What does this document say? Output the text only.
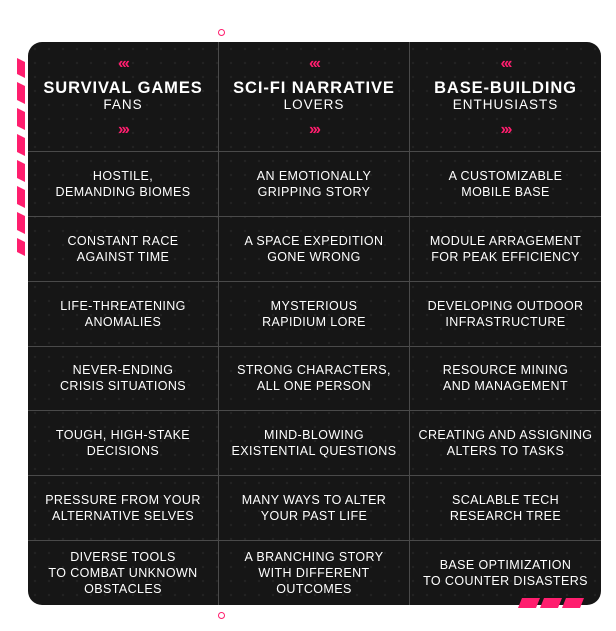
‹‹‹
SURVIVAL GAMES
FANS
›››
‹‹‹
SCI-FI NARRATIVE
LOVERS
›››
‹‹‹
BASE-BUILDING
ENTHUSIASTS
›››
HOSTILE,
DEMANDING BIOMES
AN EMOTIONALLY
GRIPPING STORY
A CUSTOMIZABLE
MOBILE BASE
CONSTANT RACE
AGAINST TIME
A SPACE EXPEDITION
GONE WRONG
MODULE ARRAGEMENT
FOR PEAK EFFICIENCY
LIFE-THREATENING
ANOMALIES
MYSTERIOUS
RAPIDIUM LORE
DEVELOPING OUTDOOR
INFRASTRUCTURE
NEVER-ENDING
CRISIS SITUATIONS
STRONG CHARACTERS,
ALL ONE PERSON
RESOURCE MINING
AND MANAGEMENT
TOUGH, HIGH-STAKE
DECISIONS
MIND-BLOWING
EXISTENTIAL QUESTIONS
CREATING AND ASSIGNING
ALTERS TO TASKS
PRESSURE FROM YOUR
ALTERNATIVE SELVES
MANY WAYS TO ALTER
YOUR PAST LIFE
SCALABLE TECH
RESEARCH TREE
DIVERSE TOOLS
TO COMBAT UNKNOWN
OBSTACLES
A BRANCHING STORY
WITH DIFFERENT
OUTCOMES
BASE OPTIMIZATION
TO COUNTER DISASTERS
